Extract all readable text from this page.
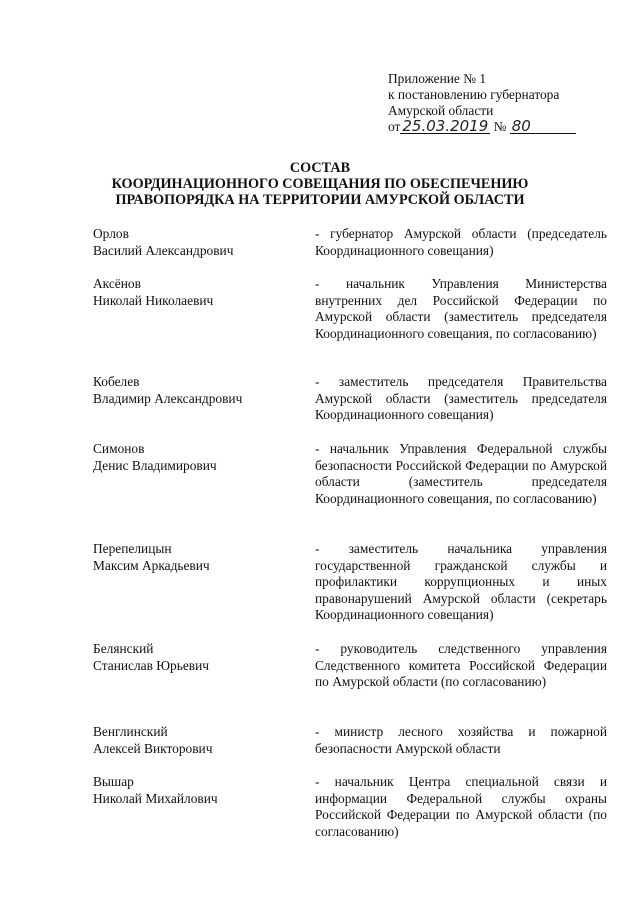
Приложение № 1
к постановлению губернатора
Амурской области
от 25.03.2019 № 80
СОСТАВ
КООРДИНАЦИОННОГО СОВЕЩАНИЯ ПО ОБЕСПЕЧЕНИЮ
ПРАВОПОРЯДКА НА ТЕРРИТОРИИ АМУРСКОЙ ОБЛАСТИ
Орлов
Василий Александрович
- губернатор Амурской области (председатель Координационного совещания)
Аксёнов
Николай Николаевич
- начальник Управления Министерства внутренних дел Российской Федерации по Амурской области (заместитель председателя Координационного совещания, по согласованию)
Кобелев
Владимир Александрович
- заместитель председателя Правительства Амурской области (заместитель председателя Координационного совещания)
Симонов
Денис Владимирович
- начальник Управления Федеральной службы безопасности Российской Федерации по Амурской области (заместитель председателя Координационного совещания, по согласованию)
Перепелицын
Максим Аркадьевич
- заместитель начальника управления государственной гражданской службы и профилактики коррупционных и иных правонарушений Амурской области (секретарь Координационного совещания)
Белянский
Станислав Юрьевич
- руководитель следственного управления Следственного комитета Российской Федерации по Амурской области (по согласованию)
Венглинский
Алексей Викторович
- министр лесного хозяйства и пожарной безопасности Амурской области
Вышар
Николай Михайлович
- начальник Центра специальной связи и информации Федеральной службы охраны Российской Федерации по Амурской области (по согласованию)
